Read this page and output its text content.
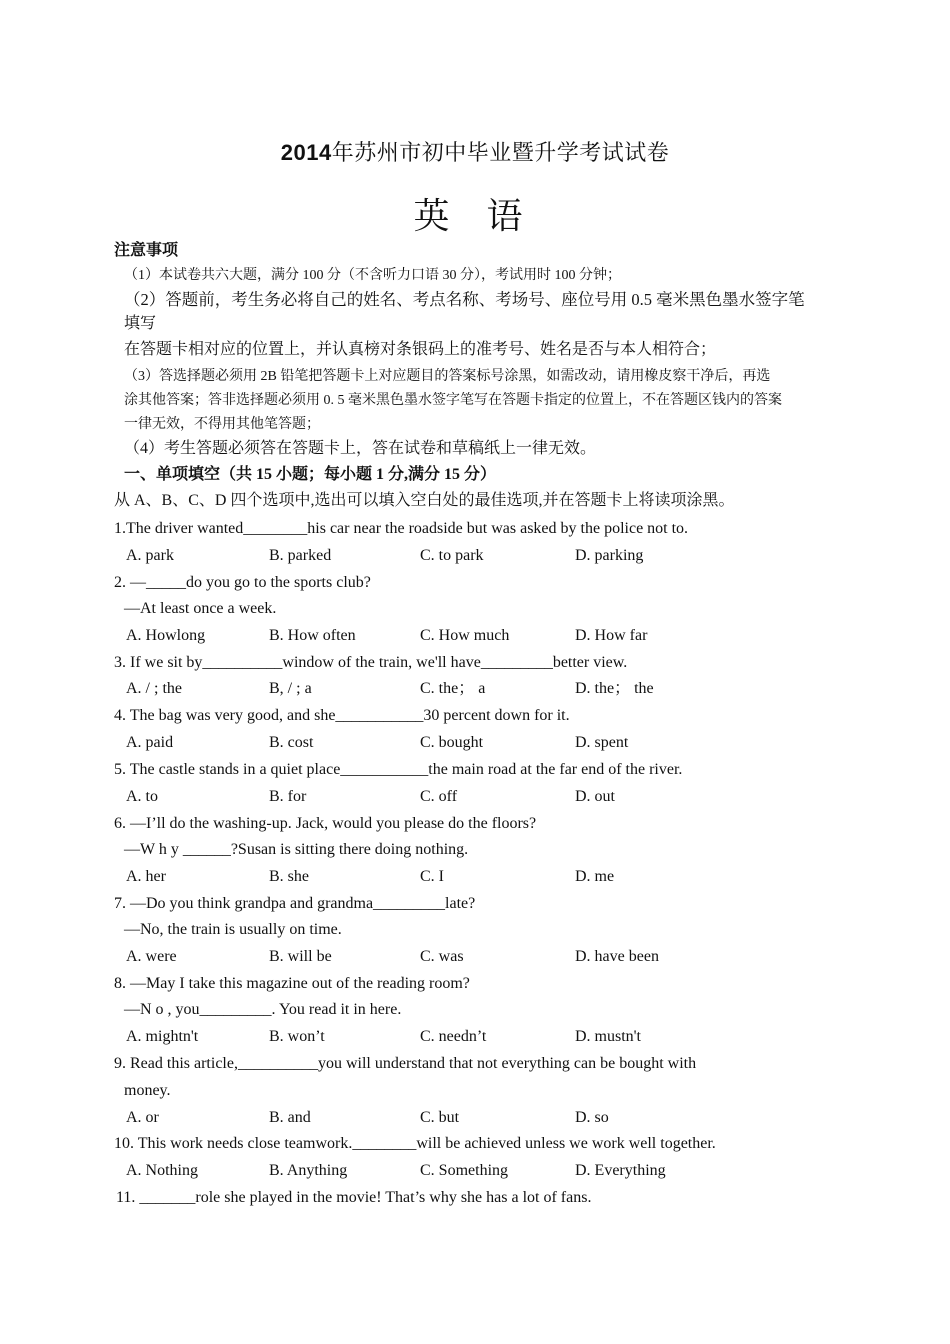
2014年苏州市初中毕业暨升学考试试卷
英 语
注意事项
（1）本试卷共六大题，满分 100 分（不含听力口语 30 分），考试用时 100 分钟；
（2）答题前，考生务必将自己的姓名、考点名称、考场号、座位号用 0.5 毫米黑色墨水签字笔
填写
在答题卡相对应的位置上，并认真榜对条银码上的准考号、姓名是否与本人相符合；
（3）答选择题必须用 2B 铅笔把答题卡上对应题目的答案标号涂黑，如需改动，请用橡皮察干净后，再选
涂其他答案；答非选择题必须用 0. 5 毫米黑色墨水签字笔写在答题卡指定的位置上，不在答题区钱内的答案
一律无效，不得用其他笔答题；
（4）考生答题必须答在答题卡上，答在试卷和草稿纸上一律无效。
一、单项填空（共 15 小题；每小题 1 分,满分 15 分）
从 A、B、C、D 四个选项中,选出可以填入空白处的最佳选项,并在答题卡上将读项涂黑。
1.The driver wanted________his car near the roadside but was asked by the police not to.
A. park	B. parked	C. to park	D. parking
2. —_____do you go to the sports club?
—At least once a week.
A. Howlong	B. How often	C. How much	D. How far
3. If we sit by__________window of the train, we'll have_________better view.
A. / ; the	B, / ; a	C. the； a	D. the； the
4. The bag was very good, and she___________30 percent down for it.
A. paid	B. cost	C. bought	D. spent
5. The castle stands in a quiet place___________the main road at the far end of the river.
A. to	B. for	C. off	D. out
6. —I’ll do the washing-up. Jack, would you please do the floors?
—W h y ______?Susan is sitting there doing nothing.
A. her	B. she	C. I	D. me
7. —Do you think grandpa and grandma_________late?
—No, the train is usually on time.
A. were	B. will be	C. was	D. have been
8. —May I take this magazine out of the reading room?
—N o , you_________. You read it in here.
A. mightn't	B. won’t	C. needn’t	D. mustn't
9. Read this article,__________you will understand that not everything can be bought with
money.
A. or	B. and	C. but	D. so
10. This work needs close teamwork.________will be achieved unless we work well together.
A. Nothing	B. Anything	C. Something	D. Everything
11. _______role she played in the movie! That’s why she has a lot of fans.
